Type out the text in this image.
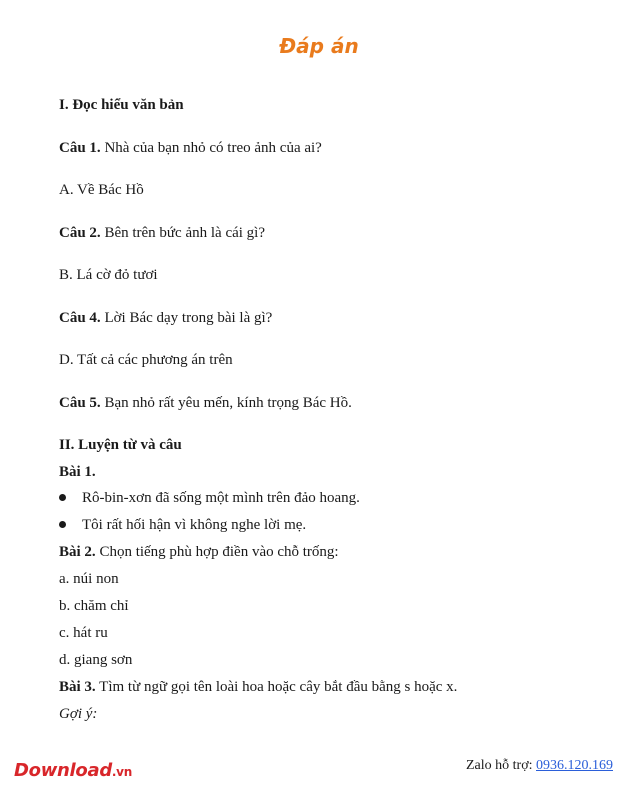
Đáp án
I. Đọc hiểu văn bản
Câu 1. Nhà của bạn nhỏ có treo ảnh của ai?
A. Về Bác Hồ
Câu 2. Bên trên bức ảnh là cái gì?
B. Lá cờ đỏ tươi
Câu 4. Lời Bác dạy trong bài là gì?
D. Tất cả các phương án trên
Câu 5. Bạn nhỏ rất yêu mến, kính trọng Bác Hồ.
II. Luyện từ và câu
Bài 1.
Rô-bin-xơn đã sống một mình trên đảo hoang.
Tôi rất hối hận vì không nghe lời mẹ.
Bài 2. Chọn tiếng phù hợp điền vào chỗ trống:
a. núi non
b. chăm chỉ
c. hát ru
d. giang sơn
Bài 3. Tìm từ ngữ gọi tên loài hoa hoặc cây bắt đầu bằng s hoặc x.
Gợi ý:
Download.vn	Zalo hỗ trợ: 0936.120.169
